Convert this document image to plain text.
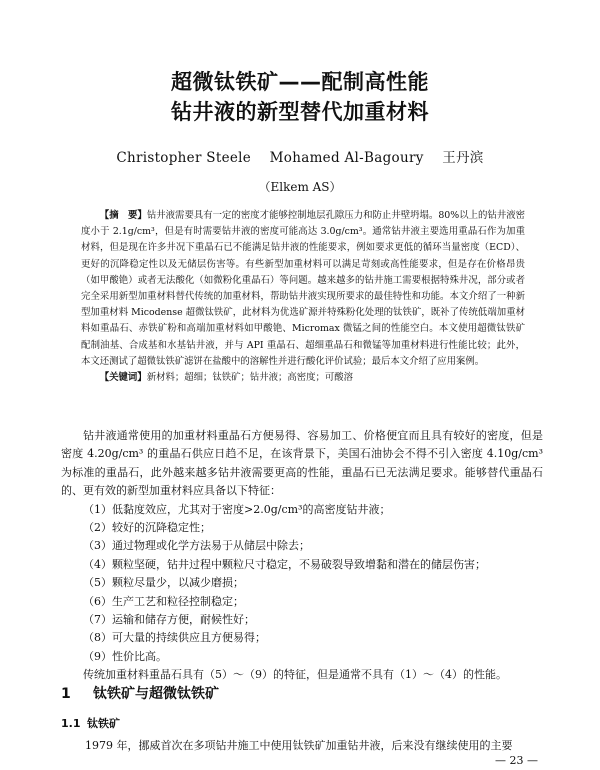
超微钛铁矿——配制高性能
钻井液的新型替代加重材料
Christopher Steele Mohamed Al-Bagoury 王丹滨
（Elkem AS）

【摘　要】钻井液需要具有一定的密度才能够控制地层孔隙压力和防止井壁坍塌。80%以上的钻井液密度小于 2.1g/cm³，但是有时需要钻井液的密度可能高达 3.0g/cm³。通常钻井液主要选用重晶石作为加重材料，但是现在许多井况下重晶石已不能满足钻井液的性能要求，例如要求更低的循环当量密度（ECD）、更好的沉降稳定性以及无储层伤害等。有些新型加重材料可以满足苛刻或高性能要求，但是存在价格昂贵（如甲酸铯）或者无法酸化（如微粉化重晶石）等问题。越来越多的钻井施工需要根据特殊井况，部分或者完全采用新型加重材料替代传统的加重材料，帮助钻井液实现所要求的最佳特性和功能。本文介绍了一种新型加重材料 Micodense 超微钛铁矿，此材料为优选矿源并特殊粉化处理的钛铁矿，既补了传统低端加重材料如重晶石、赤铁矿粉和高端加重材料如甲酸铯、Micromax 微锰之间的性能空白。本文使用超微钛铁矿配制油基、合成基和水基钻井液，并与 API 重晶石、超细重晶石和微锰等加重材料进行性能比较；此外，本文还测试了超微钛铁矿滤饼在盐酸中的溶解性并进行酸化评价试验；最后本文介绍了应用案例。

【关键词】新材料；超细；钛铁矿；钻井液；高密度；可酸溶

钻井液通常使用的加重材料重晶石方便易得、容易加工、价格便宜而且具有较好的密度，但是密度 4.20g/cm³ 的重晶石供应日趋不足，在该背景下，美国石油协会不得不引入密度 4.10g/cm³ 为标准的重晶石，此外越来越多钻井液需要更高的性能，重晶石已无法满足要求。能够替代重晶石的、更有效的新型加重材料应具备以下特征：

（1）低黏度效应，尤其对于密度>2.0g/cm³的高密度钻井液；

（2）较好的沉降稳定性；

（3）通过物理或化学方法易于从储层中除去；

（4）颗粒坚硬，钻井过程中颗粒尺寸稳定，不易破裂导致增黏和潜在的储层伤害；

（5）颗粒尽量少，以减少磨损；

（6）生产工艺和粒径控制稳定；

（7）运输和储存方便，耐候性好；

（8）可大量的持续供应且方便易得；

（9）性价比高。

传统加重材料重晶石具有（5）～（9）的特征，但是通常不具有（1）～（4）的性能。

1 钛铁矿与超微钛铁矿
1.1 钛铁矿
1979 年，挪威首次在多项钻井施工中使用钛铁矿加重钻井液，后来没有继续使用的主要
— 23 —
